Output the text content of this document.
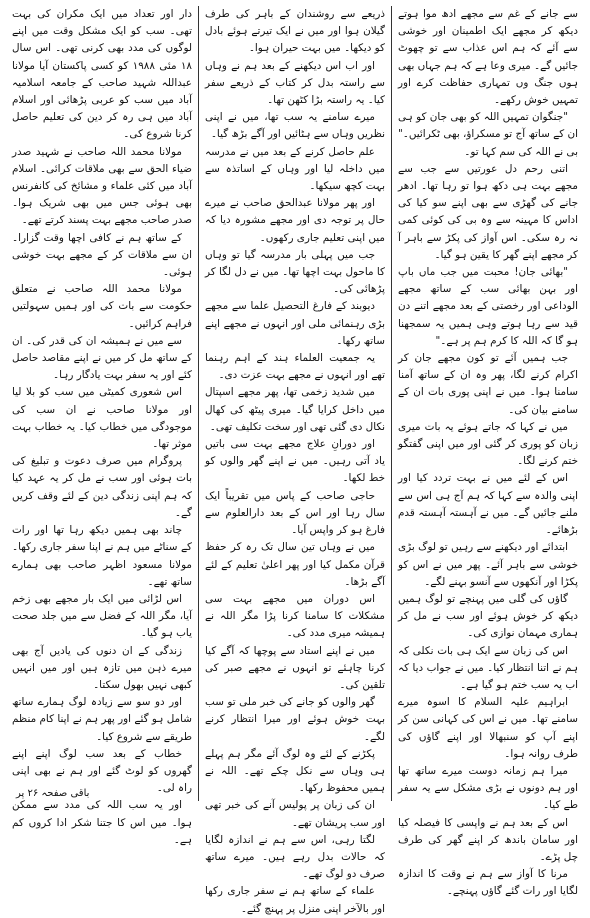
سے جانے کے غم سے مجھے ادھ موا ہوتے دیکھ کر مجھے ایک اطمینان اور خوشی سے آئے کہ ہم اس عذاب سے تو چھوٹ جائیں گے۔ میری وعا ہے کہ ہم جہاں بھی ہوں جنگ وں تمہاری حفاظت کرے اور تمہیں خوش رکھے۔

"جنگوان تمہیں اللہ کو بھی جان کو ہی ان کے ساتھ آج تو مسکراؤ، بھی ٹکرائیں۔" بی نے اللہ کی سم کہا تو۔

اتنی رحم دل عورتیں سے جب سے مجھے بہت ہی دکھ ہوا تو رہا تھا۔ ادھر جانے کی گھڑی سے بھی اپنے سو کیا کی اداس کا مہینہ سے وہ بی کی کوئی کمی نہ رہ سکی۔ اس آواز کی پکڑ سے باہر آ کر مجھے اپنے گھر کا یقین ہو گیا۔

"بھائی جان! محبت میں جب ماں باپ اور بہن بھائی سب کے ساتھ مجھے الوداعی اور رخصتی کے بعد مجھے اتنے دن قید سے رہا ہوتے وہی ہمیں یہ سمجھنا ہو گا کہ اللہ کا کرم ہم پر ہے۔"

جب ہمیں آئے تو کون مجھے جان کر اکرام کرنے لگا، پھر وہ ان کے ساتھ آمنا سامنا ہوا۔ میں نے اپنی پوری بات ان کے سامنے بیان کی۔

میں نے کہا کہ جاتے ہوئے یہ بات میری زبان کو پوری کر گئی اور میں اپنی گفتگو ختم کرنے لگا۔

اس کے لئے میں نے بہت تردد کیا اور اپنی والدہ سے کہا کہ ہم آج ہی اس سے ملنے جائیں گے۔ میں نے آہستہ آہستہ قدم بڑھائے۔

ابتدائے اور دیکھنے سے رہیں تو لوگ بڑی خوشی سے باہر آئے۔ پھر میں نے اس کو پکڑا اور آنکھوں سے آنسو بہنے لگے۔

گاؤں کی گلی میں پہنچے تو لوگ ہمیں دیکھ کر خوش ہوئے اور سب نے مل کر ہماری مہمان نوازی کی۔

اس کی زبان سے ایک ہی بات نکلی کہ ہم نے اتنا انتظار کیا۔ میں نے جواب دیا کہ اب یہ سب ختم ہو گیا ہے۔

ابراہیم علیہ السلام کا اسوہ میرے سامنے تھا۔ میں نے اس کی کہانی سن کر اپنے آپ کو سنبھالا اور اپنے گاؤں کی طرف روانہ ہوا۔

میرا ہم زمانہ دوست میرے ساتھ تھا اور ہم دونوں نے بڑی مشکل سے یہ سفر طے کیا۔

اس کے بعد ہم نے واپسی کا فیصلہ کیا اور سامان باندھ کر اپنے گھر کی طرف چل پڑے۔

مرنا کا آواز سے ہم نے وقت کا اندازہ لگایا اور رات گئے گاؤں پہنچے۔

ذریعے سے روشندان کے باہر کی طرف گیلان ہوا اور میں نے ایک تیرتے ہوئے بادل کو دیکھا۔ میں بہت حیران ہوا۔

اور اب اس دیکھنے کے بعد ہم نے وہاں سے راستہ بدل کر کتاب کے ذریعے سفر کیا۔ یہ راستہ بڑا کٹھن تھا۔

میرے سامنے یہ سب تھا، میں نے اپنی نظریں وہاں سے ہٹائیں اور آگے بڑھ گیا۔

علم حاصل کرنے کے بعد میں نے مدرسہ میں داخلہ لیا اور وہاں کے اساتذہ سے بہت کچھ سیکھا۔

اور پھر مولانا عبدالحق صاحب نے میرے حال پر توجہ دی اور مجھے مشورہ دیا کہ میں اپنی تعلیم جاری رکھوں۔

جب میں پہلی بار مدرسہ گیا تو وہاں کا ماحول بہت اچھا تھا۔ میں نے دل لگا کر پڑھائی کی۔

دیوبند کے فارغ التحصیل علما سے مجھے بڑی رہنمائی ملی اور انہوں نے مجھے اپنے ساتھ رکھا۔

یہ جمعیت العلماء ہند کے اہم رہنما تھے اور انہوں نے مجھے بہت عزت دی۔

میں شدید زخمی تھا، پھر مجھے اسپتال میں داخل کرایا گیا۔ میری پیٹھ کی کھال نکال دی گئی تھی اور سخت تکلیف تھی۔

اور دورانِ علاج مجھے بہت سی باتیں یاد آتی رہیں۔ میں نے اپنے گھر والوں کو خط لکھا۔

حاجی صاحب کے پاس میں تقریباً ایک سال رہا اور اس کے بعد دارالعلوم سے فارغ ہو کر واپس آیا۔

میں نے وہاں تین سال تک رہ کر حفظ قرآن مکمل کیا اور پھر اعلیٰ تعلیم کے لئے آگے بڑھا۔

اس دوران میں مجھے بہت سی مشکلات کا سامنا کرنا پڑا مگر اللہ نے ہمیشہ میری مدد کی۔

میں نے اپنے استاد سے پوچھا کہ آگے کیا کرنا چاہئے تو انہوں نے مجھے صبر کی تلقین کی۔

گھر والوں کو جانے کی خبر ملی تو سب بہت خوش ہوئے اور میرا انتظار کرنے لگے۔

پکڑنے کے لئے وہ لوگ آئے مگر ہم پہلے ہی وہاں سے نکل چکے تھے۔ اللہ نے ہمیں محفوظ رکھا۔

ان کی زبان پر پولیس آنے کی خبر تھی اور سب پریشان تھے۔

لگتا رہی، اس سے ہم نے اندازہ لگایا کہ حالات بدل رہے ہیں۔ میرے ساتھ صرف دو لوگ تھے۔

علماء کے ساتھ ہم نے سفر جاری رکھا اور بالآخر اپنی منزل پر پہنچ گئے۔

دار اور تعداد میں ایک مکران کی بہت تھی۔ سب کو ایک مشکل وقت میں اپنے لوگوں کی مدد بھی کرنی تھی۔ اس سال ۱۸ مئی ۱۹۸۸ کو کسی پاکستان آیا مولانا عبداللہ شہید صاحب کے جامعہ اسلامیہ آباد میں سب کو عربی پڑھائی اور اسلام آباد میں ہی رہ کر دین کی تعلیم حاصل کرنا شروع کی۔

مولانا محمد اللہ صاحب نے شہید صدر ضیاء الحق سے بھی ملاقات کرائی۔ اسلام آباد میں کئی علماء و مشائخ کی کانفرنس بھی ہوئی جس میں بھی شریک ہوا۔ صدر صاحب مجھے بہت پسند کرتے تھے۔

کے ساتھ ہم نے کافی اچھا وقت گزارا۔ ان سے ملاقات کر کے مجھے بہت خوشی ہوئی۔

مولانا محمد اللہ صاحب نے متعلق حکومت سے بات کی اور ہمیں سہولتیں فراہم کرائیں۔

سے میں نے ہمیشہ ان کی قدر کی۔ ان کے ساتھ مل کر میں نے اپنے مقاصد حاصل کئے اور یہ سفر بہت یادگار رہا۔

اس شعوری کمیٹی میں سب کو بلا لیا اور مولانا صاحب نے ان سب کی موجودگی میں خطاب کیا۔ یہ خطاب بہت موثر تھا۔

پروگرام میں صرف دعوت و تبلیغ کی بات ہوئی اور سب نے مل کر یہ عہد کیا کہ ہم اپنی زندگی دین کے لئے وقف کریں گے۔

چاند بھی ہمیں دیکھ رہا تھا اور رات کے سناٹے میں ہم نے اپنا سفر جاری رکھا۔ مولانا مسعود اظہر صاحب بھی ہمارے ساتھ تھے۔

اس لڑائی میں ایک بار مجھے بھی زخم آیا، مگر اللہ کے فضل سے میں جلد صحت یاب ہو گیا۔

زندگی کے ان دنوں کی یادیں آج بھی میرے ذہن میں تازہ ہیں اور میں انہیں کبھی نہیں بھول سکتا۔

اور دو سو سے زیادہ لوگ ہمارے ساتھ شامل ہو گئے اور پھر ہم نے اپنا کام منظم طریقے سے شروع کیا۔

خطاب کے بعد سب لوگ اپنے اپنے گھروں کو لوٹ گئے اور ہم نے بھی اپنی راہ لی۔

اور یہ سب اللہ کی مدد سے ممکن ہوا۔ میں اس کا جتنا شکر ادا کروں کم ہے۔

باقی صفحہ ۲۶ پر
